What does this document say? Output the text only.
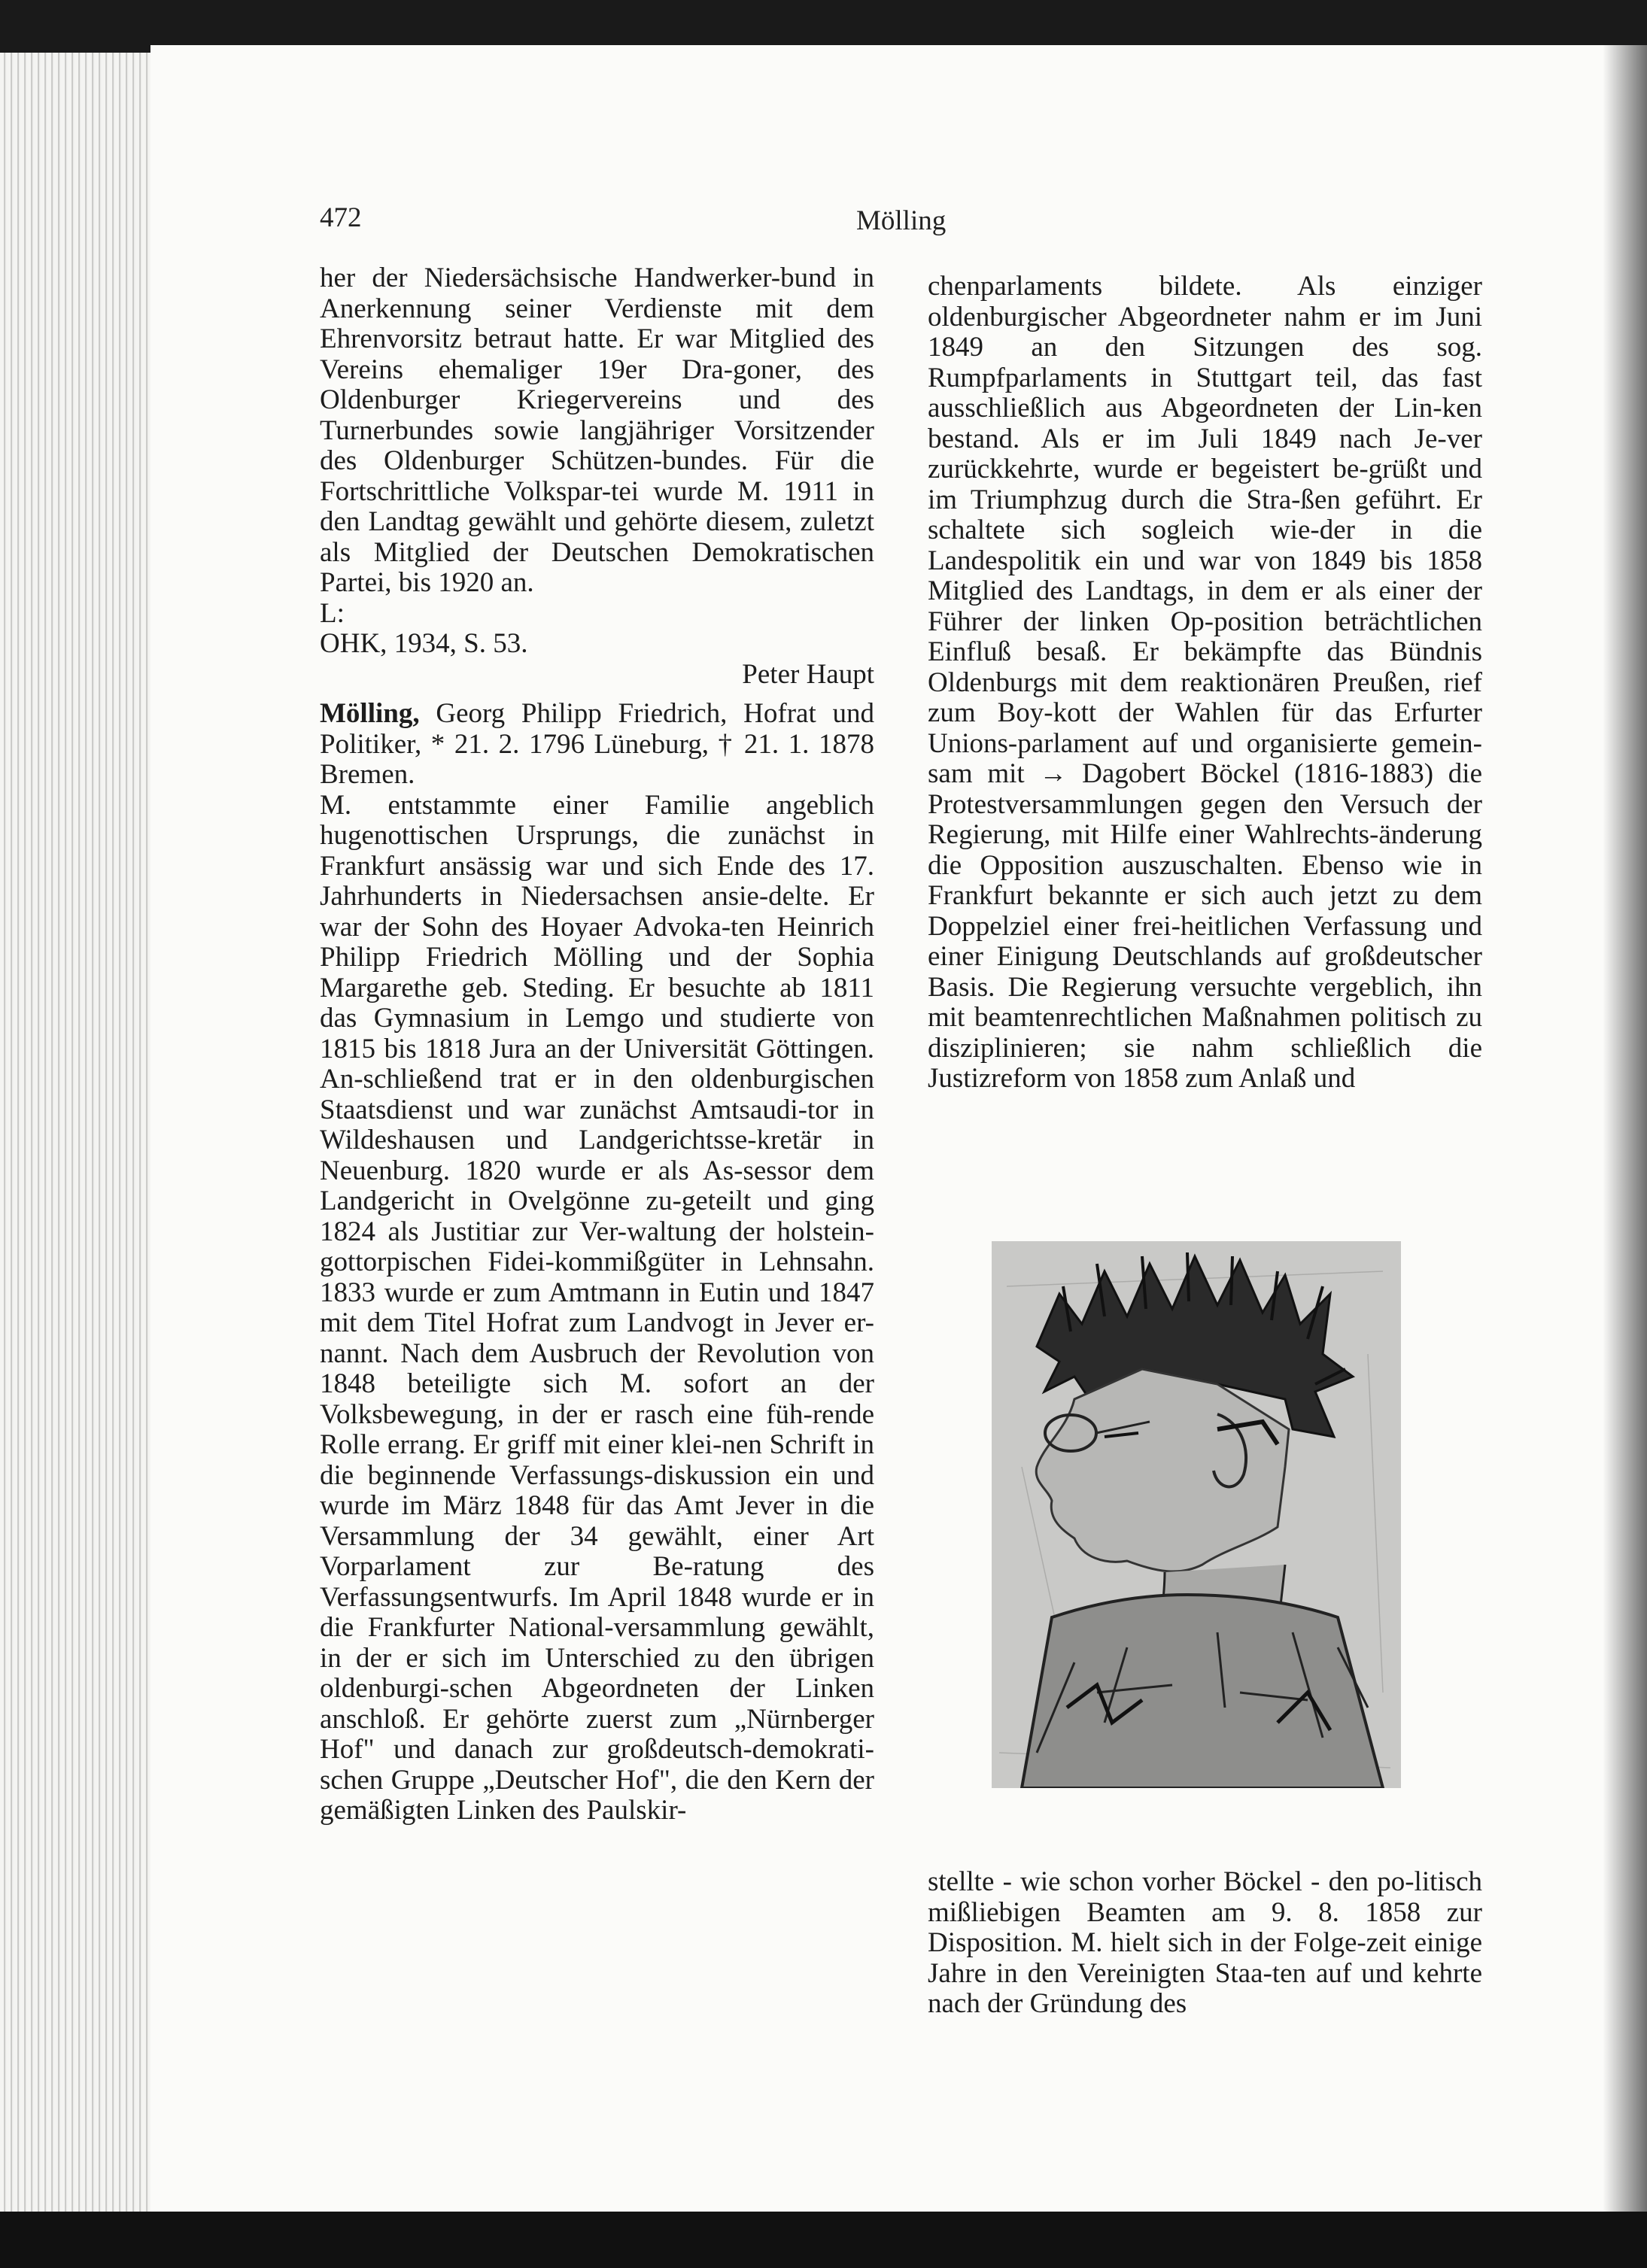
472	Mölling

her der Niedersächsische Handwerker-bund in Anerkennung seiner Verdienste mit dem Ehrenvorsitz betraut hatte. Er war Mitglied des Vereins ehemaliger 19er Dra-goner, des Oldenburger Kriegervereins und des Turnerbundes sowie langjähriger Vorsitzender des Oldenburger Schützen-bundes. Für die Fortschrittliche Volkspar-tei wurde M. 1911 in den Landtag gewählt und gehörte diesem, zuletzt als Mitglied der Deutschen Demokratischen Partei, bis 1920 an.

L:

OHK, 1934, S. 53.

Peter Haupt

Mölling, Georg Philipp Friedrich, Hofrat und Politiker, * 21. 2. 1796 Lüneburg, † 21. 1. 1878 Bremen.

M. entstammte einer Familie angeblich hugenottischen Ursprungs, die zunächst in Frankfurt ansässig war und sich Ende des 17. Jahrhunderts in Niedersachsen ansie-delte. Er war der Sohn des Hoyaer Advoka-ten Heinrich Philipp Friedrich Mölling und der Sophia Margarethe geb. Steding. Er besuchte ab 1811 das Gymnasium in Lemgo und studierte von 1815 bis 1818 Jura an der Universität Göttingen. An-schließend trat er in den oldenburgischen Staatsdienst und war zunächst Amtsaudi-tor in Wildeshausen und Landgerichtsse-kretär in Neuenburg. 1820 wurde er als As-sessor dem Landgericht in Ovelgönne zu-geteilt und ging 1824 als Justitiar zur Ver-waltung der holstein-gottorpischen Fidei-kommißgüter in Lehnsahn. 1833 wurde er zum Amtmann in Eutin und 1847 mit dem Titel Hofrat zum Landvogt in Jever er-nannt. Nach dem Ausbruch der Revolution von 1848 beteiligte sich M. sofort an der Volksbewegung, in der er rasch eine füh-rende Rolle errang. Er griff mit einer klei-nen Schrift in die beginnende Verfassungs-diskussion ein und wurde im März 1848 für das Amt Jever in die Versammlung der 34 gewählt, einer Art Vorparlament zur Be-ratung des Verfassungsentwurfs. Im April 1848 wurde er in die Frankfurter National-versammlung gewählt, in der er sich im Unterschied zu den übrigen oldenburgi-schen Abgeordneten der Linken anschloß. Er gehörte zuerst zum „Nürnberger Hof" und danach zur großdeutsch-demokrati-schen Gruppe „Deutscher Hof", die den Kern der gemäßigten Linken des Paulskir-

chenparlaments bildete. Als einziger oldenburgischer Abgeordneter nahm er im Juni 1849 an den Sitzungen des sog. Rumpfparlaments in Stuttgart teil, das fast ausschließlich aus Abgeordneten der Lin-ken bestand. Als er im Juli 1849 nach Je-ver zurückkehrte, wurde er begeistert be-grüßt und im Triumphzug durch die Stra-ßen geführt. Er schaltete sich sogleich wie-der in die Landespolitik ein und war von 1849 bis 1858 Mitglied des Landtags, in dem er als einer der Führer der linken Op-position beträchtlichen Einfluß besaß. Er bekämpfte das Bündnis Oldenburgs mit dem reaktionären Preußen, rief zum Boy-kott der Wahlen für das Erfurter Unions-parlament auf und organisierte gemein-sam mit → Dagobert Böckel (1816-1883) die Protestversammlungen gegen den Versuch der Regierung, mit Hilfe einer Wahlrechts-änderung die Opposition auszuschalten. Ebenso wie in Frankfurt bekannte er sich auch jetzt zu dem Doppelziel einer frei-heitlichen Verfassung und einer Einigung Deutschlands auf großdeutscher Basis. Die Regierung versuchte vergeblich, ihn mit beamtenrechtlichen Maßnahmen politisch zu disziplinieren; sie nahm schließlich die Justizreform von 1858 zum Anlaß und

stellte - wie schon vorher Böckel - den po-litisch mißliebigen Beamten am 9. 8. 1858 zur Disposition. M. hielt sich in der Folge-zeit einige Jahre in den Vereinigten Staa-ten auf und kehrte nach der Gründung des
